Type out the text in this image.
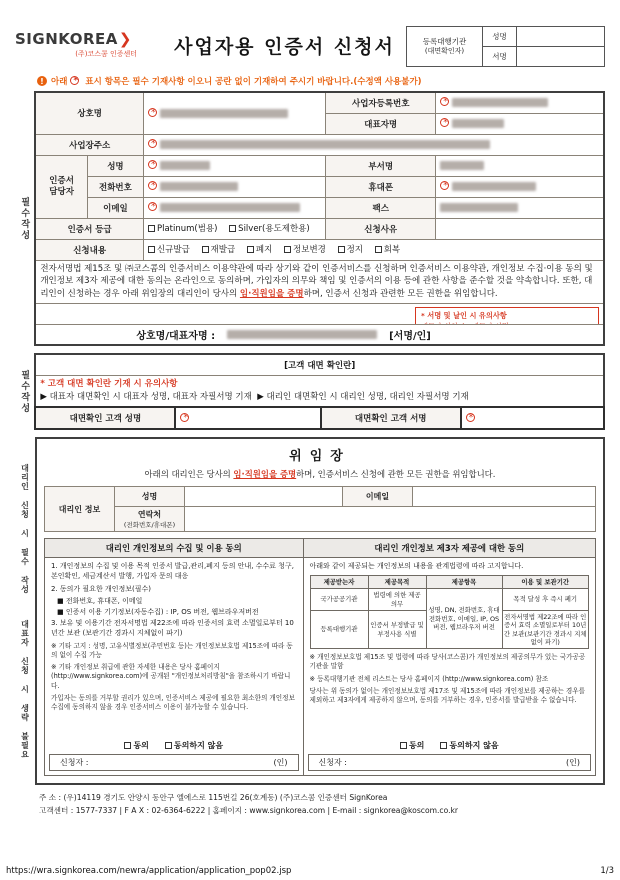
SIGNKOREA❯
(주)코스콤 인증센터	사업자용 인증서 신청서	등록대행기관
(대면확인자)	성명	
	서명	
!
아래 * 표시 항목은 필수 기재사항 이오니 공란 없이 기재하여 주시기 바랍니다.(수정액 사용불가)
필수작성
상호명	*		사업자등록번호	*
			대표자명	*
사업장주소	*

인증서
담당자	성명	*	부서명	
	전화번호	*	휴대폰	*
	이메일	*	팩스	
인증서 등급		Platinum(범용)
Silver(용도제한용)	신청사유	
신청내용	신규발급
재발급
폐지
정보변경
정지
회복

전자서명법 제15조 및 ㈜코스콤의 인증서비스 이용약관에 따라 상기와 같이 인증서비스를 신청하며 인증서비스 이용약관, 개인정보 수집·이용 동의 및 개인정보 제3자 제공에 대한 동의는 온라인으로 동의하며, 가입자의 의무와 책임 및 인증서의 이용 등에 관한 사항을 준수할 것을 약속합니다. 또한, 대리인이 신청하는 경우 아래 위임장의 대리인이 당사의 임·직원임을 증명하며, 인증서 신청과 관련한 모든 권한을 위임합니다.				

* 서명 및 날인 시 유의사항

상호명/대표자명 : [서명/인]				
필수작성
[고객 대면 확인란]

* 고객 대면 확인란 기재 시 유의사항
▶ 대표자 대면확인 시 대표자 성명, 대표자 자필서명 기재 ▶ 대리인 대면확인 시 대리인 성명, 대리인 자필서명 기재

대면확인 고객 성명	*	대면확인 고객 서명	*
대리인 신청 시 필수 작성
대표자 신청 시 생략 불필요
위임장
아래의 대리인은 당사의 임·직원임을 증명하며, 인증서비스 신청에 관한 모든 권한을 위임합니다.
대리인 정보	성명		이메일	
	연락처
(전화번호/휴대폰)			

대리인 개인정보의 수집 및 이용 동의

1. 개인정보의 수집 및 이용 목적 인증서 발급,관리,폐지 등의 안내, 수수료 청구, 본인확인, 세금계산서 발행, 가입자 문의 대응

2. 동의가 필요한 개인정보(필수)

■ 전화번호, 휴대폰, 이메일

■ 인증서 이용 기기정보(자동수집) : IP, OS 버전, 웹브라우저버전

3. 보유 및 이용기간 전자서명법 제22조에 따라 인증서의 효력 소멸일로부터 10년간 보관 (보관기간 경과시 지체없이 파기)

※ 기타 고지 : 성명, 고유식별정보(주민번호 등)는 개인정보보호법 제15조에 따라 동의 없이 수집 가능

※ 기타 개인정보 취급에 관한 자세한 내용은 당사 홈페이지 (http://www.signkorea.com)에 공개된 "개인정보처리방침"을 참조하시기 바랍니다.

가입자는 동의를 거부할 권리가 있으며, 인증서비스 제공에 필요한 최소한의 개인정보 수집에 동의하지 않을 경우 인증서비스 이용이 불가능할 수 있습니다.

동의	동의하지 않음
신청자 :	(인)
대리인 개인정보 제3자 제공에 대한 동의

아래와 같이 제공되는 개인정보의 내용을 관계법령에 따라 고지합니다.

제공받는자	제공목적	제공항목	이용 및 보관기간
국가공공기관	법령에 의한 제공 의무	성명, DN, 전화번호, 휴대전화번호, 이메일, IP, OS 버전, 웹브라우저 버전	목적 달성 후 즉시 폐기
등록대행기관	인증서 부정발급 및 부정사용 식별		전자서명법 제22조에 따라 인증서 효력 소멸일로부터 10년간 보관(보관기간 경과시 지체 없이 파기)

※ 개인정보보호법 제15조 및 법령에 따라 당사(코스콤)가 개인정보의 제공의무가 있는 국가공공기관을 말함

※ 등록대행기관 전체 리스트는 당사 홈페이지 (http://www.signkorea.com) 참조

당사는 위 동의가 없이는 개인정보보호법 제17조 및 제15조에 따라 개인정보를 제공하는 경우를 제외하고 제3자에게 제공하지 않으며, 동의를 거부하는 경우, 인증서를 발급받을 수 없습니다.

동의	동의하지 않음
신청자 :	(인)
주 소 : (우)14119 경기도 안양시 동안구 엘에스로 115번길 26(호계동) (주)코스콤 인증센터 SignKorea
고객센터 : 1577-7337 | F A X : 02-6364-6222 | 홈페이지 : www.signkorea.com | E-mail : signkorea@koscom.co.kr
https://wra.signkorea.com/newra/application/application_pop02.jsp	1/3
